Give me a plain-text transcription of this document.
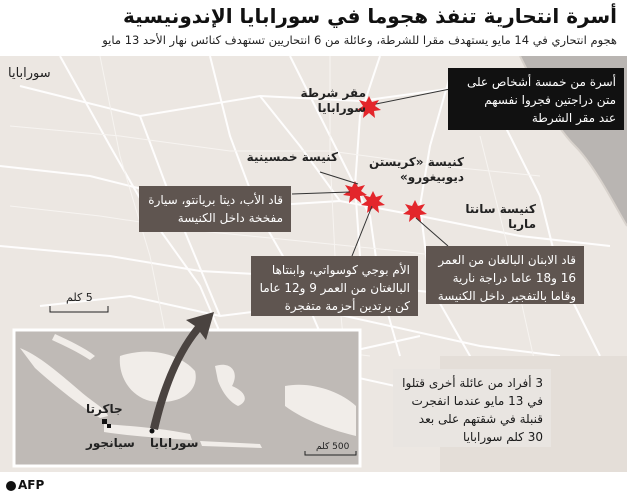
أسرة انتحارية تنفذ هجوما في سورابايا الإندونيسية
هجوم انتحاري في 14 مايو يستهدف مقرا للشرطة، وعائلة من 6 انتحاريين تستهدف كنائس نهار الأحد 13 مايو
سورابايا
مقر شرطة
سورابايا
كنيسة خمسينية	كنيسة «كريستن
ديوبيغورو»
كنيسة سانتا ماريا
5 كلم
أسرة من خمسة أشخاص على
متن دراجتين فجروا نفسهم
عند مقر الشرطة
قاد الأب، ديتا بريانتو، سيارة
مفخخة داخل الكنيسة
الأم بوجي كوسواتي، وابنتاها
البالغتان من العمر 9 و12 عاما
كن يرتدين أحزمة متفجرة
قاد الابنان البالغان من العمر
16 و18 عاما دراجة نارية
وقاما بالتفجير داخل الكنيسة
3 أفراد من عائلة أخرى قتلوا
في 13 مايو عندما انفجرت
قنبلة في شقتهم على بعد
30 كلم سورابايا
جاكرتا
سيانجور سورابايا	500 كلم
AFP
